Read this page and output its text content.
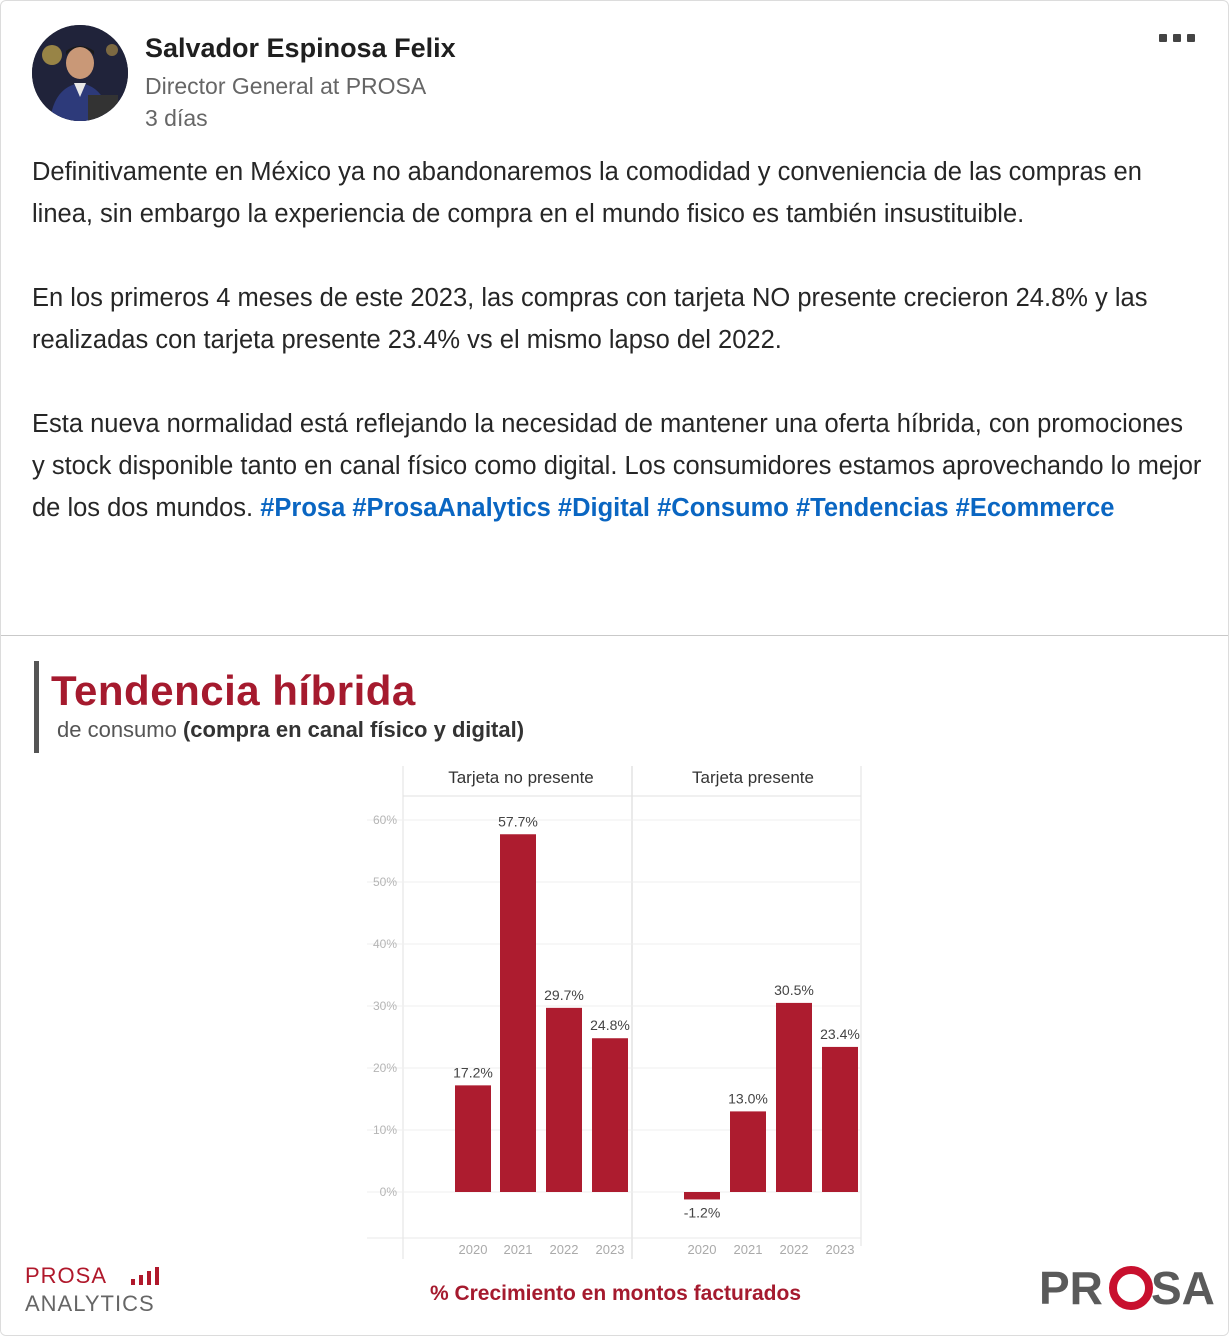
Salvador Espinosa Felix
Director General at PROSA
3 días

Definitivamente en México ya no abandonaremos la comodidad y conveniencia de las compras en linea, sin embargo la experiencia de compra en el mundo fisico es también insustituible.

En los primeros 4 meses de este 2023, las compras con tarjeta NO presente crecieron 24.8% y las realizadas con tarjeta presente 23.4% vs el mismo lapso del 2022.

Esta nueva normalidad está reflejando la necesidad de mantener una oferta híbrida, con promociones y stock disponible tanto en canal físico como digital. Los consumidores estamos aprovechando lo mejor de los dos mundos. #Prosa #ProsaAnalytics #Digital #Consumo #Tendencias #Ecommerce

Tendencia híbrida
de consumo (compra en canal físico y digital)
0%
10%
20%
30%
40%
50%
60%
Tarjeta no presente
17.2%
2020
57.7%
2021
29.7%
2022
24.8%
2023
Tarjeta presente
-1.2%
2020
13.0%
2021
30.5%
2022
23.4%
2023
PROSA
ANALYTICS	% Crecimiento en montos facturados	PR SA
